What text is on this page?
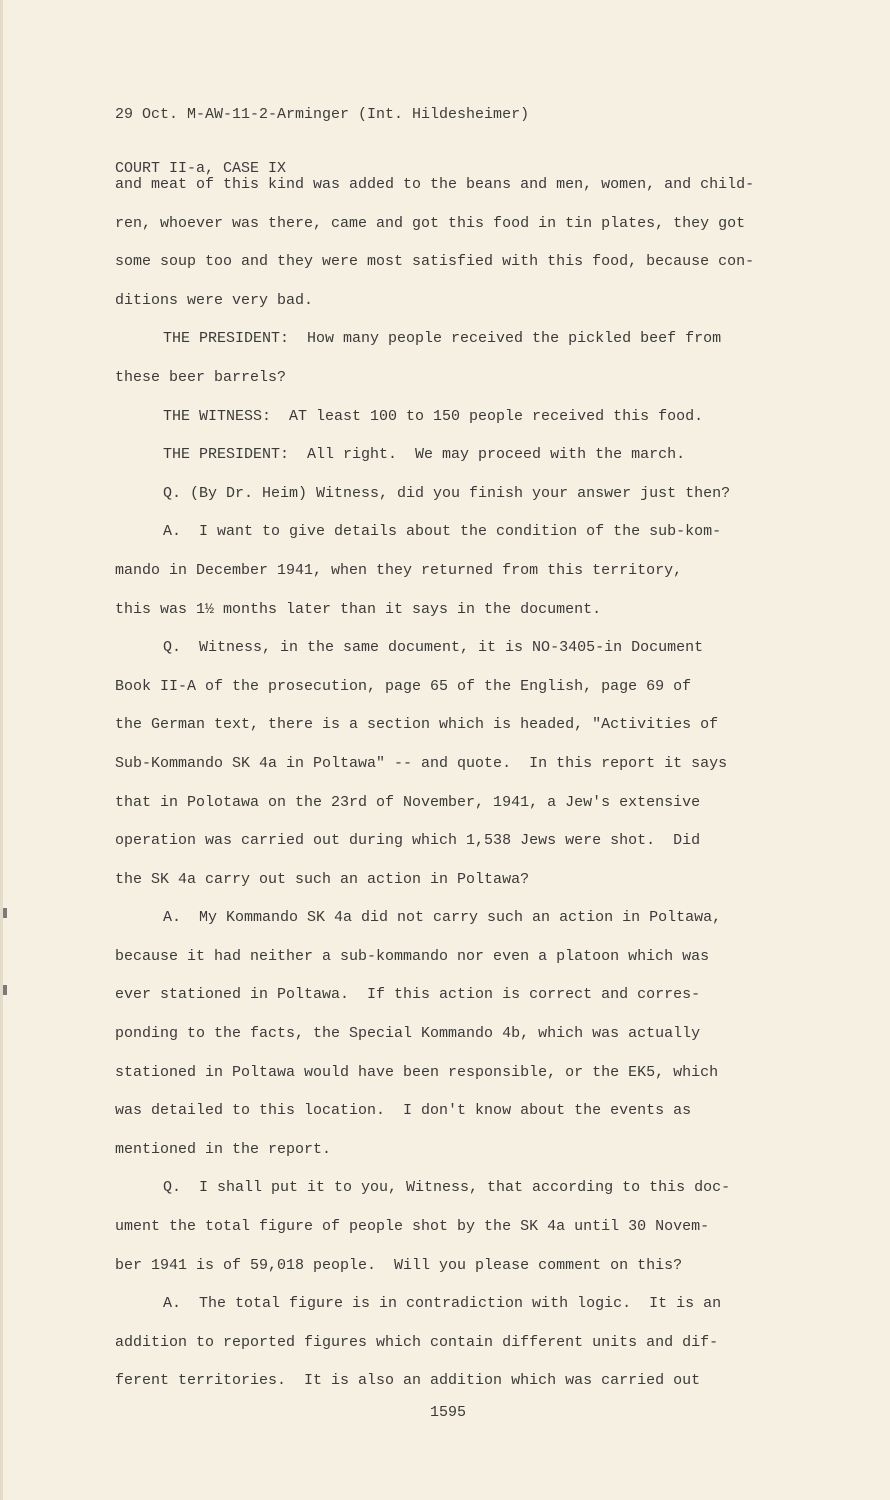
29 Oct. M-AW-11-2-Arminger (Int. Hildesheimer)

COURT II-a, CASE IX

and meat of this kind was added to the beans and men, women, and child-
ren, whoever was there, came and got this food in tin plates, they got
some soup too and they were most satisfied with this food, because con-
ditions were very bad.
THE PRESIDENT:  How many people received the pickled beef from
these beer barrels?
THE WITNESS:  AT least 100 to 150 people received this food.
THE PRESIDENT:  All right.  We may proceed with the march.
Q. (By Dr. Heim) Witness, did you finish your answer just then?
A.  I want to give details about the condition of the sub-kom-
mando in December 1941, when they returned from this territory,
this was 1½ months later than it says in the document.
Q.  Witness, in the same document, it is NO-3405-in Document
Book II-A of the prosecution, page 65 of the English, page 69 of
the German text, there is a section which is headed, "Activities of
Sub-Kommando SK 4a in Poltawa" -- and quote.  In this report it says
that in Polotawa on the 23rd of November, 1941, a Jew's extensive
operation was carried out during which 1,538 Jews were shot.  Did
the SK 4a carry out such an action in Poltawa?
A.  My Kommando SK 4a did not carry such an action in Poltawa,
because it had neither a sub-kommando nor even a platoon which was
ever stationed in Poltawa.  If this action is correct and corres-
ponding to the facts, the Special Kommando 4b, which was actually
stationed in Poltawa would have been responsible, or the EK5, which
was detailed to this location.  I don't know about the events as
mentioned in the report.
Q.  I shall put it to you, Witness, that according to this doc-
ument the total figure of people shot by the SK 4a until 30 Novem-
ber 1941 is of 59,018 people.  Will you please comment on this?
A.  The total figure is in contradiction with logic.  It is an
addition to reported figures which contain different units and dif-
ferent territories.  It is also an addition which was carried out
1595
